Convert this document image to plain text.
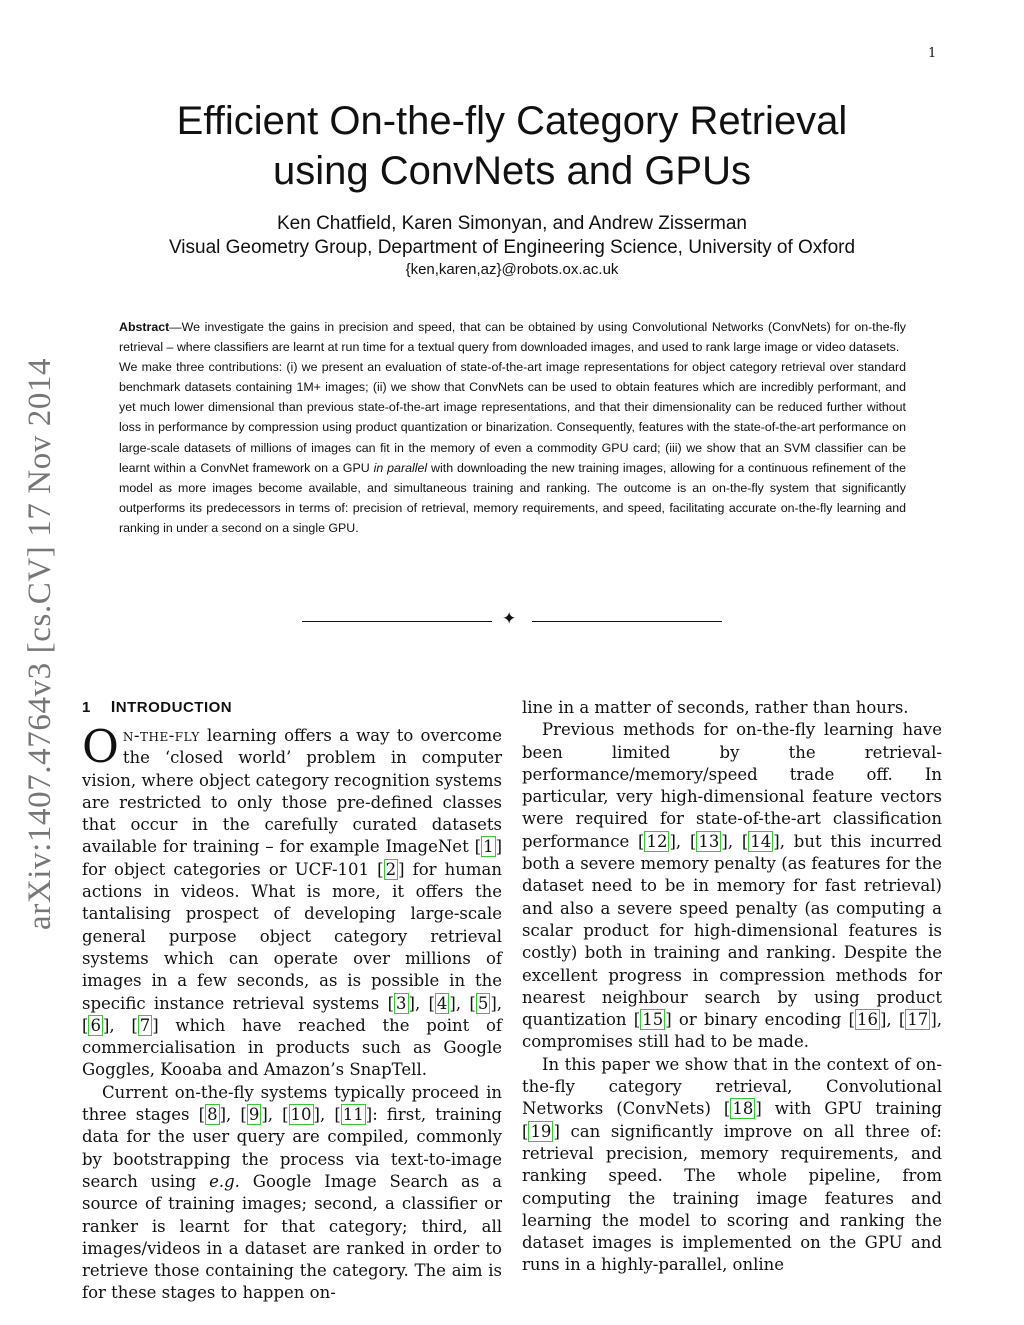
1
Efficient On-the-fly Category Retrieval
using ConvNets and GPUs
Ken Chatfield, Karen Simonyan, and Andrew Zisserman
Visual Geometry Group, Department of Engineering Science, University of Oxford
{ken,karen,az}@robots.ox.ac.uk

Abstract—We investigate the gains in precision and speed, that can be obtained by using Convolutional Networks (ConvNets) for on-the-fly retrieval – where classifiers are learnt at run time for a textual query from downloaded images, and used to rank large image or video datasets.

We make three contributions: (i) we present an evaluation of state-of-the-art image representations for object category retrieval over standard benchmark datasets containing 1M+ images; (ii) we show that ConvNets can be used to obtain features which are incredibly performant, and yet much lower dimensional than previous state-of-the-art image representations, and that their dimensionality can be reduced further without loss in performance by compression using product quantization or binarization. Consequently, features with the state-of-the-art performance on large-scale datasets of millions of images can fit in the memory of even a commodity GPU card; (iii) we show that an SVM classifier can be learnt within a ConvNet framework on a GPU in parallel with downloading the new training images, allowing for a continuous refinement of the model as more images become available, and simultaneous training and ranking. The outcome is an on-the-fly system that significantly outperforms its predecessors in terms of: precision of retrieval, memory requirements, and speed, facilitating accurate on-the-fly learning and ranking in under a second on a single GPU.

✦
arXiv:1407.4764v3 [cs.CV] 17 Nov 2014 1 INTRODUCTION

On-the-fly learning offers a way to overcome the ‘closed world’ problem in computer vision, where object category recognition systems are restricted to only those pre-defined classes that occur in the carefully curated datasets available for training – for example ImageNet [ 1 ] for object categories or UCF-101 [ 2 ] for human actions in videos. What is more, it offers the tantalising prospect of developing large-scale general purpose object category retrieval systems which can operate over millions of images in a few seconds, as is possible in the specific instance retrieval systems [ 3 ] , [ 4 ] , [ 5 ] , [ 6 ] , [ 7 ] which have reached the point of commercialisation in products such as Google Goggles, Kooaba and Amazon’s SnapTell.

Current on-the-fly systems typically proceed in three stages [ 8 ] , [ 9 ] , [ 10 ] , [ 11 ] : first, training data for the user query are compiled, commonly by bootstrapping the process via text-to-image search using e.g. Google Image Search as a source of training images; second, a classifier or ranker is learnt for that category; third, all images/videos in a dataset are ranked in order to retrieve those containing the category. The aim is for these stages to happen on-

line in a matter of seconds, rather than hours.

Previous methods for on-the-fly learning have been limited by the retrieval-performance/memory/speed trade off. In particular, very high-dimensional feature vectors were required for state-of-the-art classification performance [ 12 ] , [ 13 ] , [ 14 ] , but this incurred both a severe memory penalty (as features for the dataset need to be in memory for fast retrieval) and also a severe speed penalty (as computing a scalar product for high-dimensional features is costly) both in training and ranking. Despite the excellent progress in compression methods for nearest neighbour search by using product quantization [ 15 ] or binary encoding [ 16 ] , [ 17 ] , compromises still had to be made.

In this paper we show that in the context of on-the-fly category retrieval, Convolutional Networks (ConvNets) [ 18 ] with GPU training [ 19 ] can significantly improve on all three of: retrieval precision, memory requirements, and ranking speed. The whole pipeline, from computing the training image features and learning the model to scoring and ranking the dataset images is implemented on the GPU and runs in a highly-parallel, online
